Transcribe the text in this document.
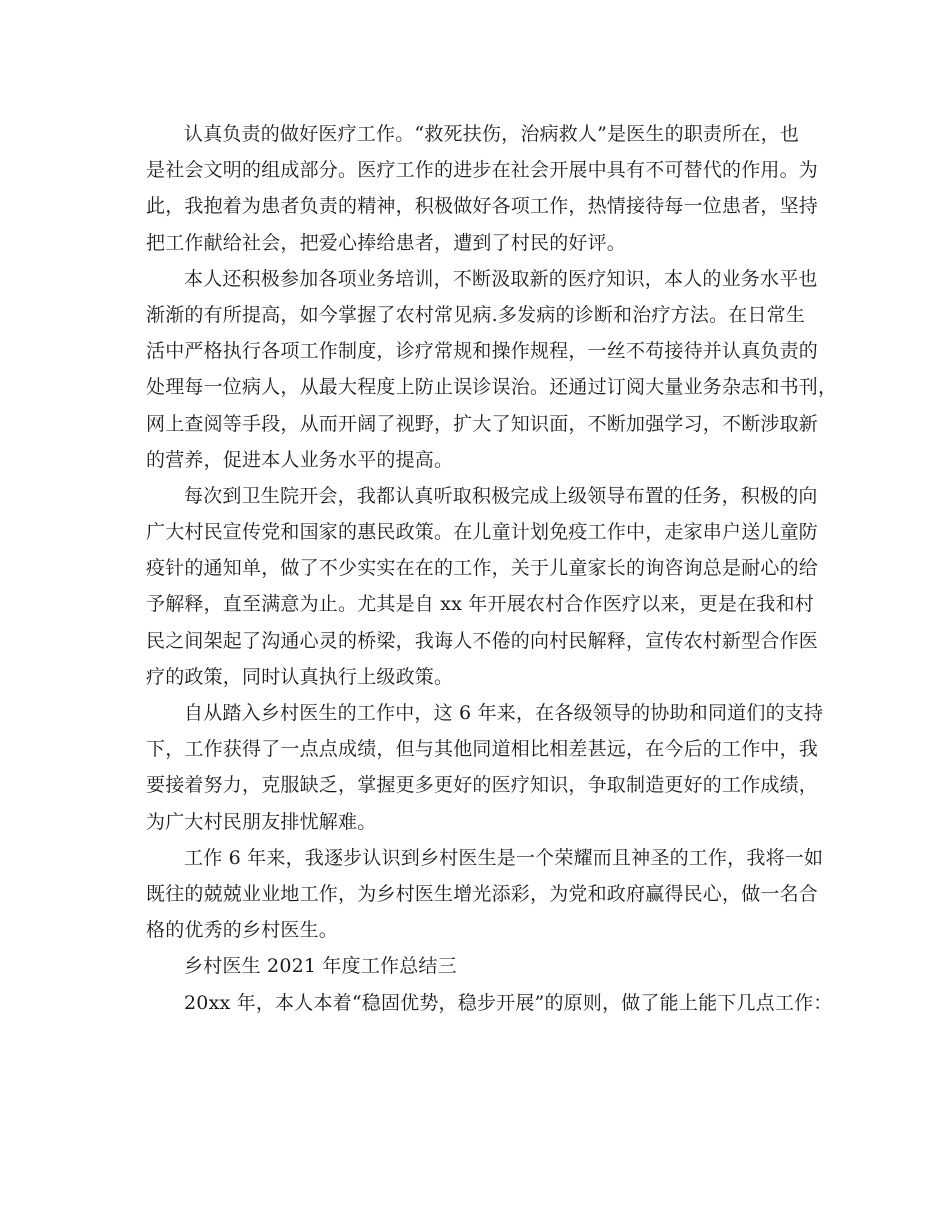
认真负责的做好医疗工作。“救死扶伤，治病救人”是医生的职责所在，也
是社会文明的组成部分。医疗工作的进步在社会开展中具有不可替代的作用。为
此，我抱着为患者负责的精神，积极做好各项工作，热情接待每一位患者，坚持
把工作献给社会，把爱心捧给患者，遭到了村民的好评。
本人还积极参加各项业务培训，不断汲取新的医疗知识，本人的业务水平也
渐渐的有所提高，如今掌握了农村常见病.多发病的诊断和治疗方法。在日常生
活中严格执行各项工作制度，诊疗常规和操作规程，一丝不苟接待并认真负责的
处理每一位病人，从最大程度上防止误诊误治。还通过订阅大量业务杂志和书刊，
网上查阅等手段，从而开阔了视野，扩大了知识面，不断加强学习，不断涉取新
的营养，促进本人业务水平的提高。
每次到卫生院开会，我都认真听取积极完成上级领导布置的任务，积极的向
广大村民宣传党和国家的惠民政策。在儿童计划免疫工作中，走家串户送儿童防
疫针的通知单，做了不少实实在在的工作，关于儿童家长的询咨询总是耐心的给
予解释，直至满意为止。尤其是自 xx 年开展农村合作医疗以来，更是在我和村
民之间架起了沟通心灵的桥梁，我诲人不倦的向村民解释，宣传农村新型合作医
疗的政策，同时认真执行上级政策。
自从踏入乡村医生的工作中，这 6 年来，在各级领导的协助和同道们的支持
下，工作获得了一点点成绩，但与其他同道相比相差甚远，在今后的工作中，我
要接着努力，克服缺乏，掌握更多更好的医疗知识，争取制造更好的工作成绩，
为广大村民朋友排忧解难。
工作 6 年来，我逐步认识到乡村医生是一个荣耀而且神圣的工作，我将一如
既往的兢兢业业地工作，为乡村医生增光添彩，为党和政府赢得民心，做一名合
格的优秀的乡村医生。
乡村医生 2021 年度工作总结三
20xx 年，本人本着“稳固优势，稳步开展”的原则，做了能上能下几点工作：
